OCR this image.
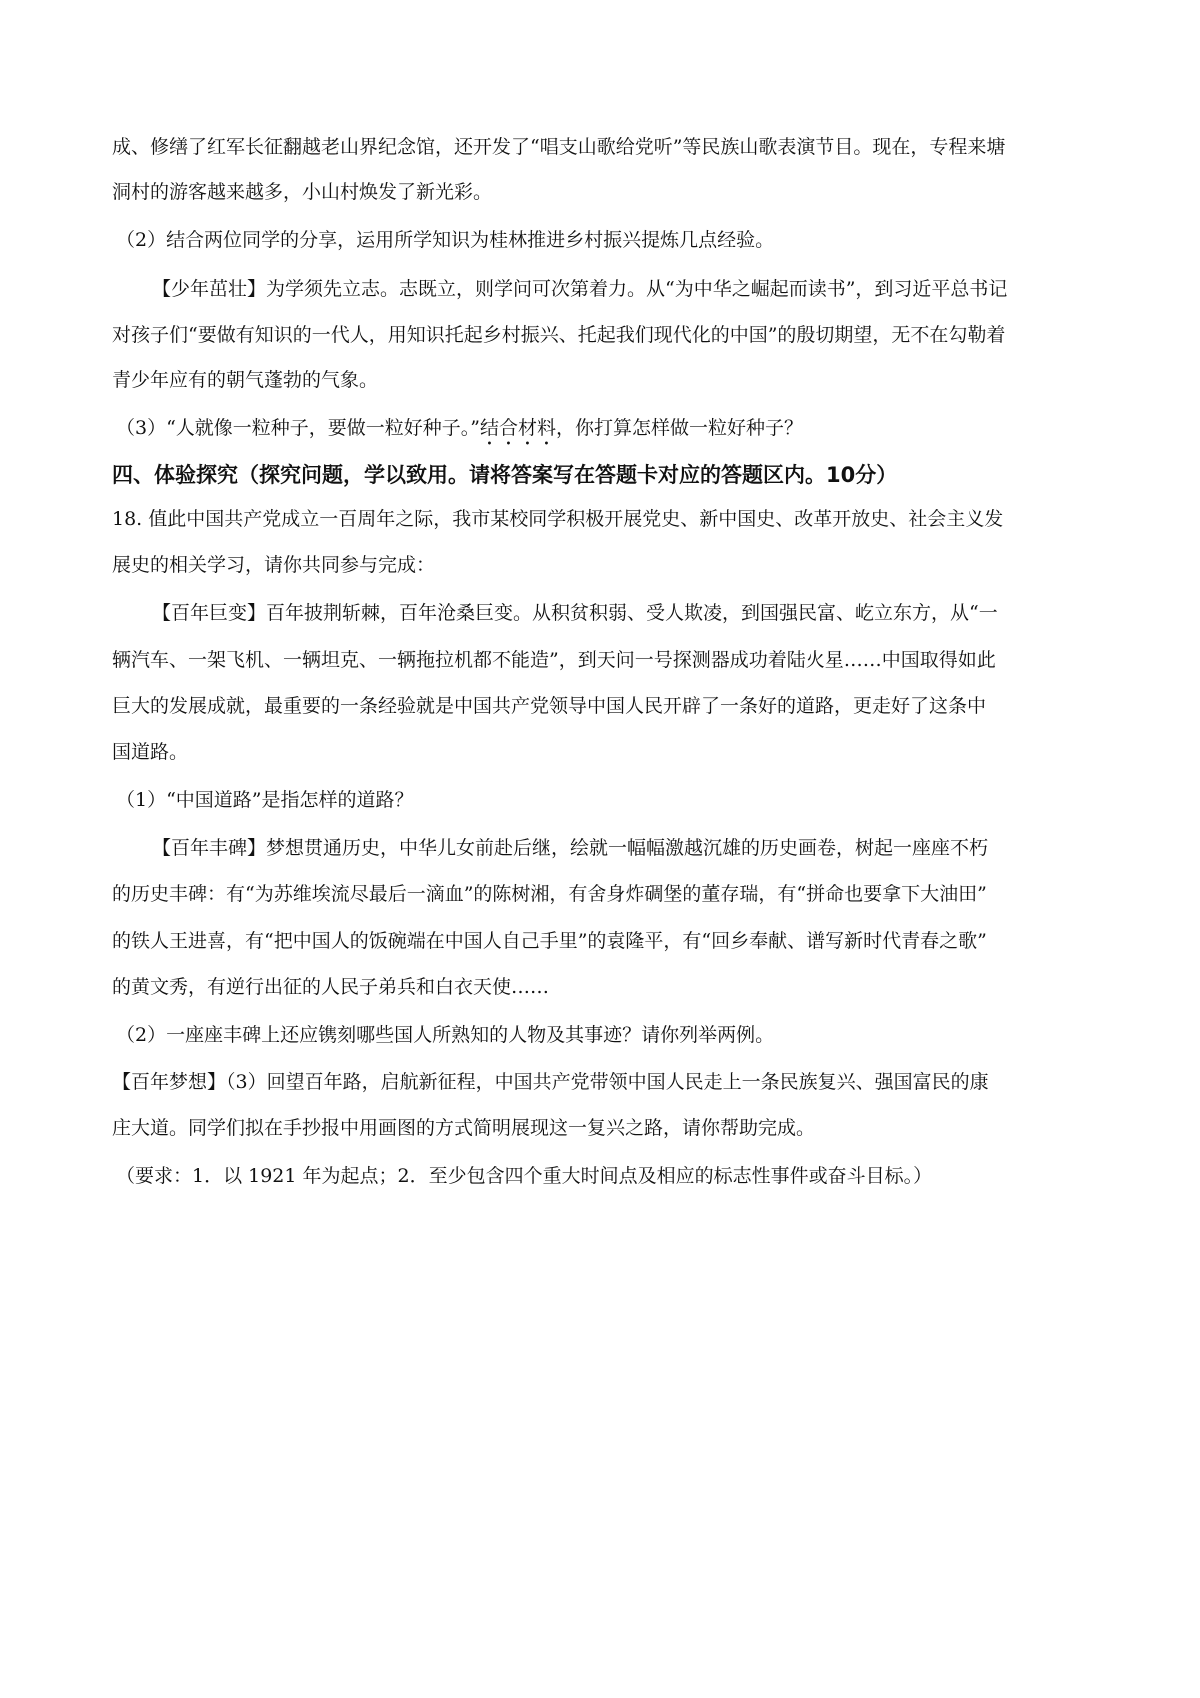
成、修缮了红军长征翻越老山界纪念馆，还开发了“唱支山歌给党听”等民族山歌表演节目。现在，专程来塘

洞村的游客越来越多，小山村焕发了新光彩。

（2）结合两位同学的分享，运用所学知识为桂林推进乡村振兴提炼几点经验。

【少年茁壮】为学须先立志。志既立，则学问可次第着力。从“为中华之崛起而读书”，到习近平总书记

对孩子们“要做有知识的一代人，用知识托起乡村振兴、托起我们现代化的中国”的殷切期望，无不在勾勒着

青少年应有的朝气蓬勃的气象。

（3）“人就像一粒种子，要做一粒好种子。”结合材料，你打算怎样做一粒好种子？

四、体验探究（探究问题，学以致用。请将答案写在答题卡对应的答题区内。10分）

18. 值此中国共产党成立一百周年之际，我市某校同学积极开展党史、新中国史、改革开放史、社会主义发

展史的相关学习，请你共同参与完成：

【百年巨变】百年披荆斩棘，百年沧桑巨变。从积贫积弱、受人欺凌，到国强民富、屹立东方，从“一

辆汽车、一架飞机、一辆坦克、一辆拖拉机都不能造”，到天问一号探测器成功着陆火星……中国取得如此

巨大的发展成就，最重要的一条经验就是中国共产党领导中国人民开辟了一条好的道路，更走好了这条中

国道路。

（1）“中国道路”是指怎样的道路？

【百年丰碑】梦想贯通历史，中华儿女前赴后继，绘就一幅幅激越沉雄的历史画卷，树起一座座不朽

的历史丰碑：有“为苏维埃流尽最后一滴血”的陈树湘，有舍身炸碉堡的董存瑞，有“拼命也要拿下大油田”

的铁人王进喜，有“把中国人的饭碗端在中国人自己手里”的袁隆平，有“回乡奉献、谱写新时代青春之歌”

的黄文秀，有逆行出征的人民子弟兵和白衣天使……

（2）一座座丰碑上还应镌刻哪些国人所熟知的人物及其事迹？请你列举两例。

【百年梦想】（3）回望百年路，启航新征程，中国共产党带领中国人民走上一条民族复兴、强国富民的康

庄大道。同学们拟在手抄报中用画图的方式简明展现这一复兴之路，请你帮助完成。

（要求：1．以 1921 年为起点；2．至少包含四个重大时间点及相应的标志性事件或奋斗目标。）
